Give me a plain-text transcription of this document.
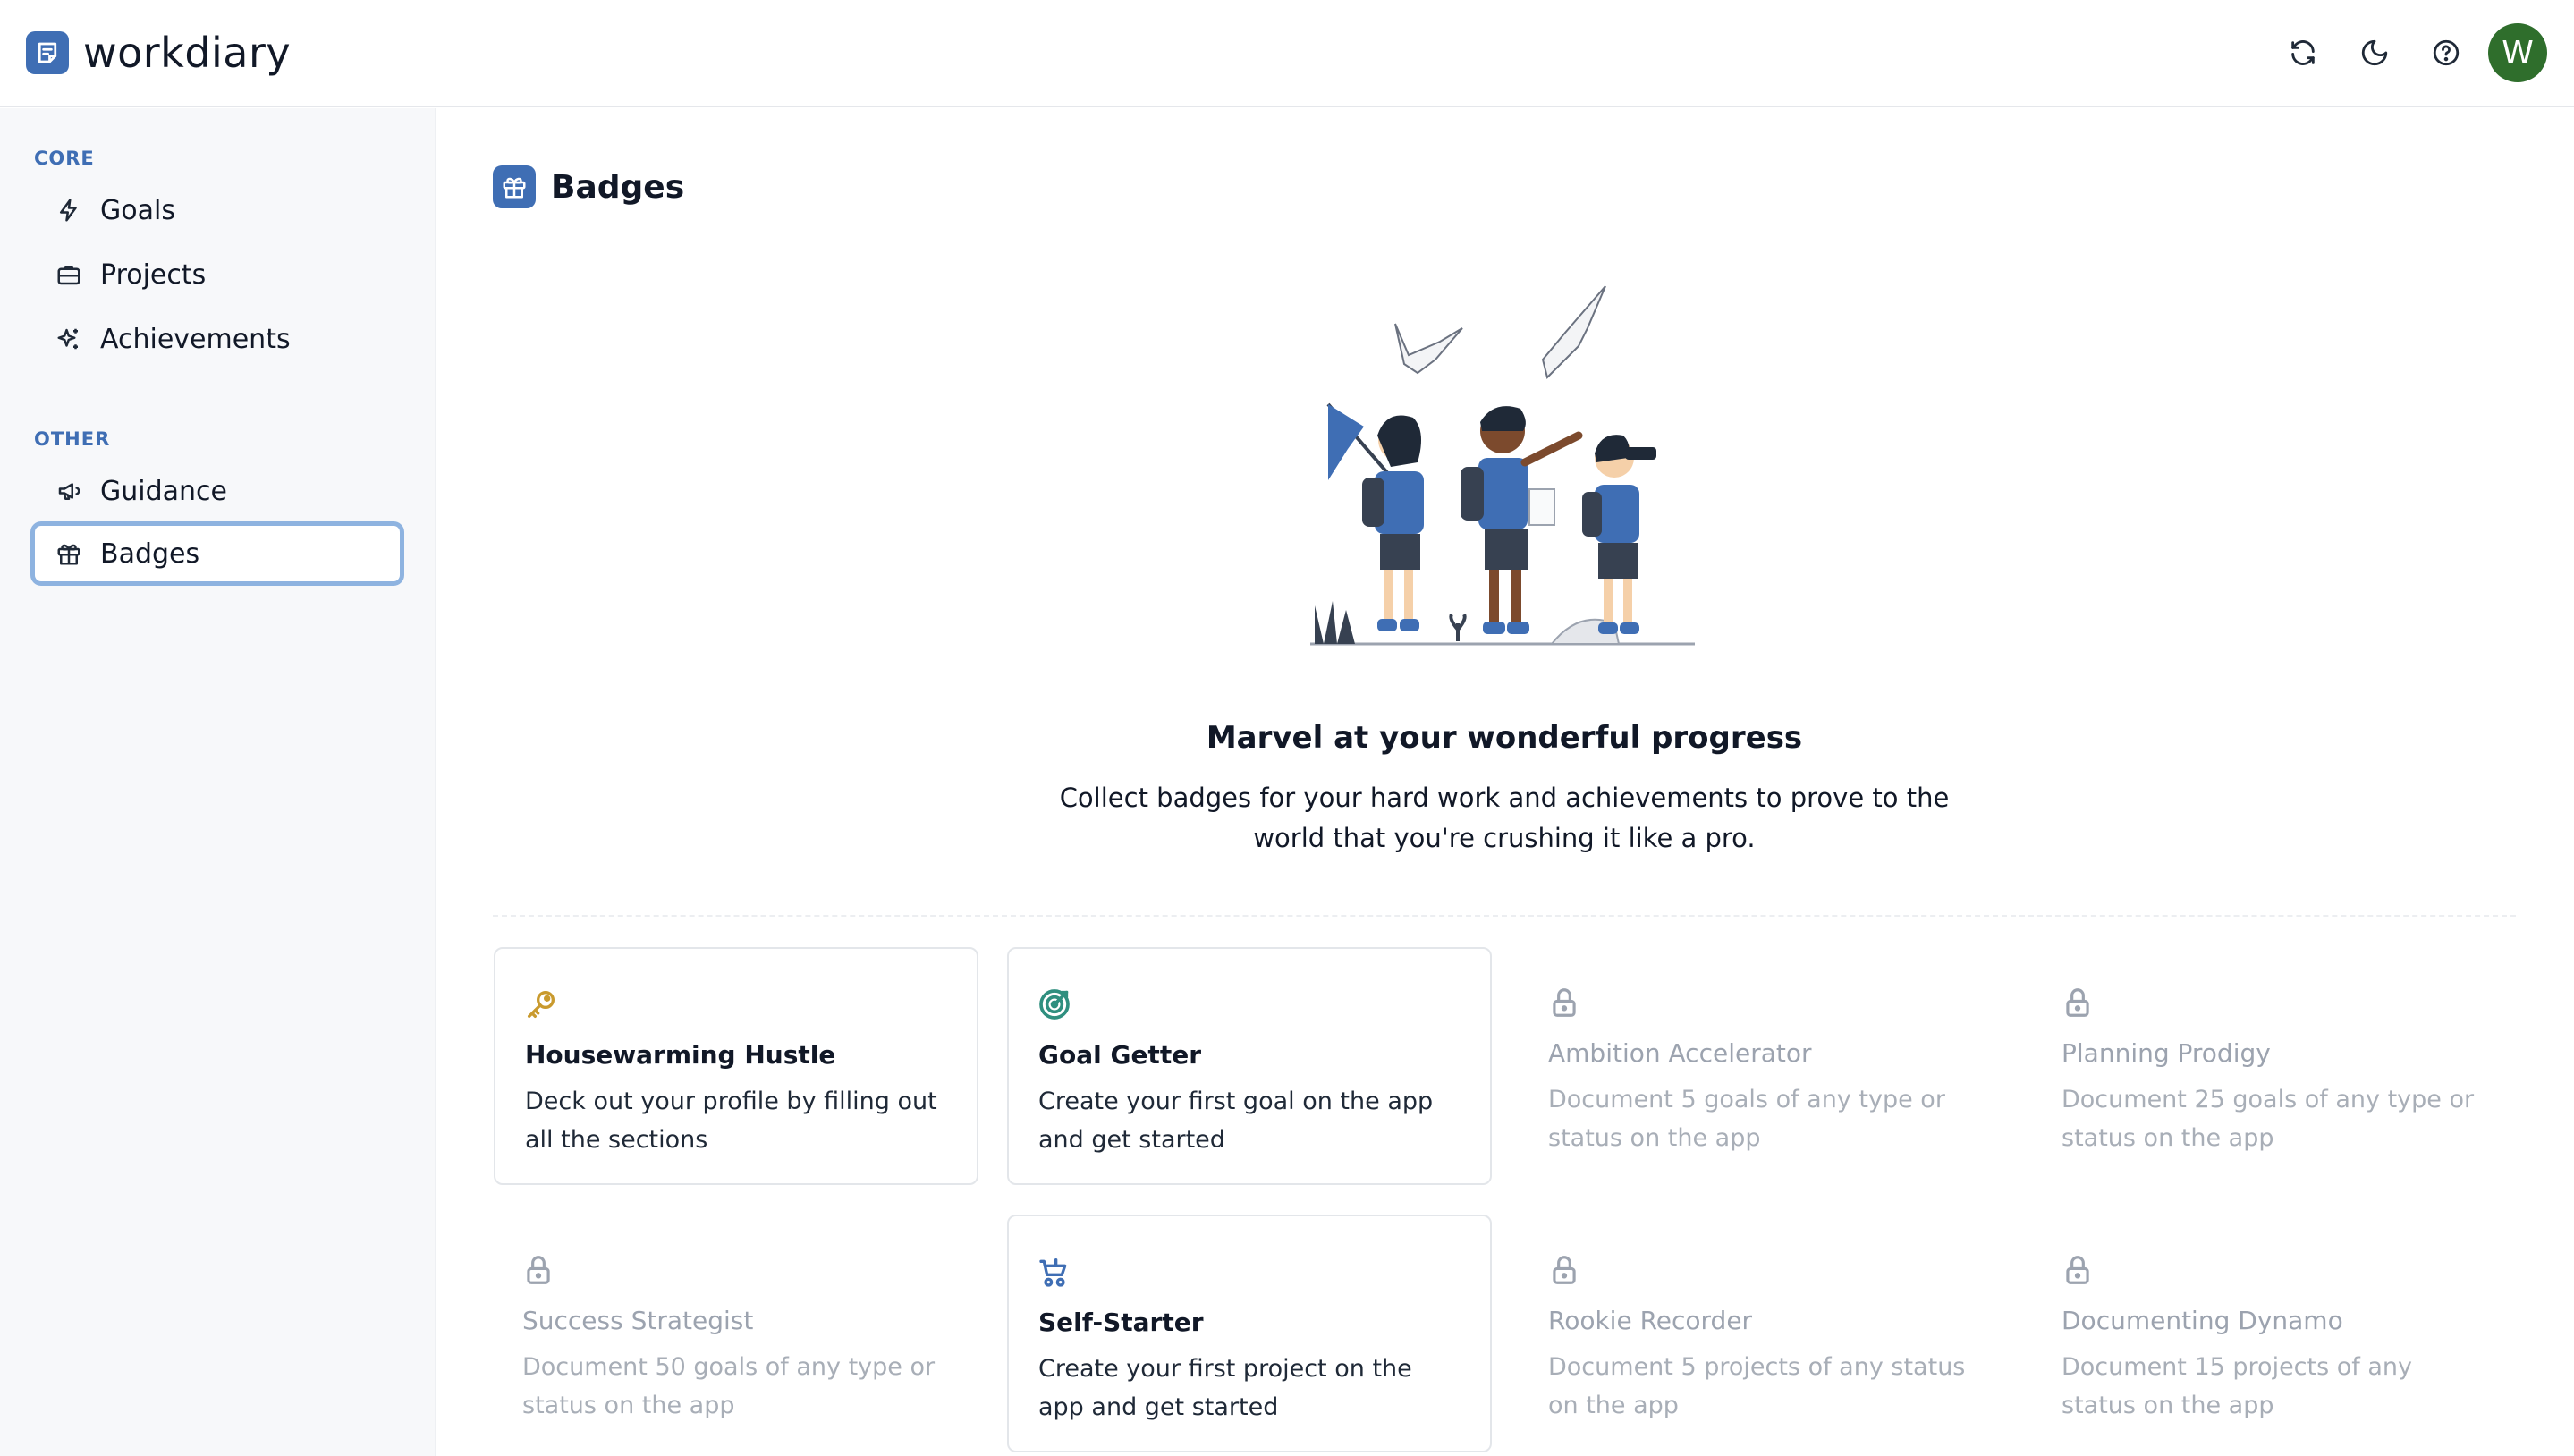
workdiary	W
CORE
Goals
Projects
Achievements
OTHER
Guidance
Badges
Badges
Marvel at your wonderful progress

Collect badges for your hard work and achievements to prove to the world that you're crushing it like a pro.

Housewarming Hustle
Deck out your profile by filling out all the sections
Goal Getter
Create your first goal on the app and get started
Ambition Accelerator
Document 5 goals of any type or status on the app
Planning Prodigy
Document 25 goals of any type or status on the app
Success Strategist
Document 50 goals of any type or status on the app
Self-Starter
Create your first project on the app and get started
Rookie Recorder
Document 5 projects of any status on the app
Documenting Dynamo
Document 15 projects of any status on the app
